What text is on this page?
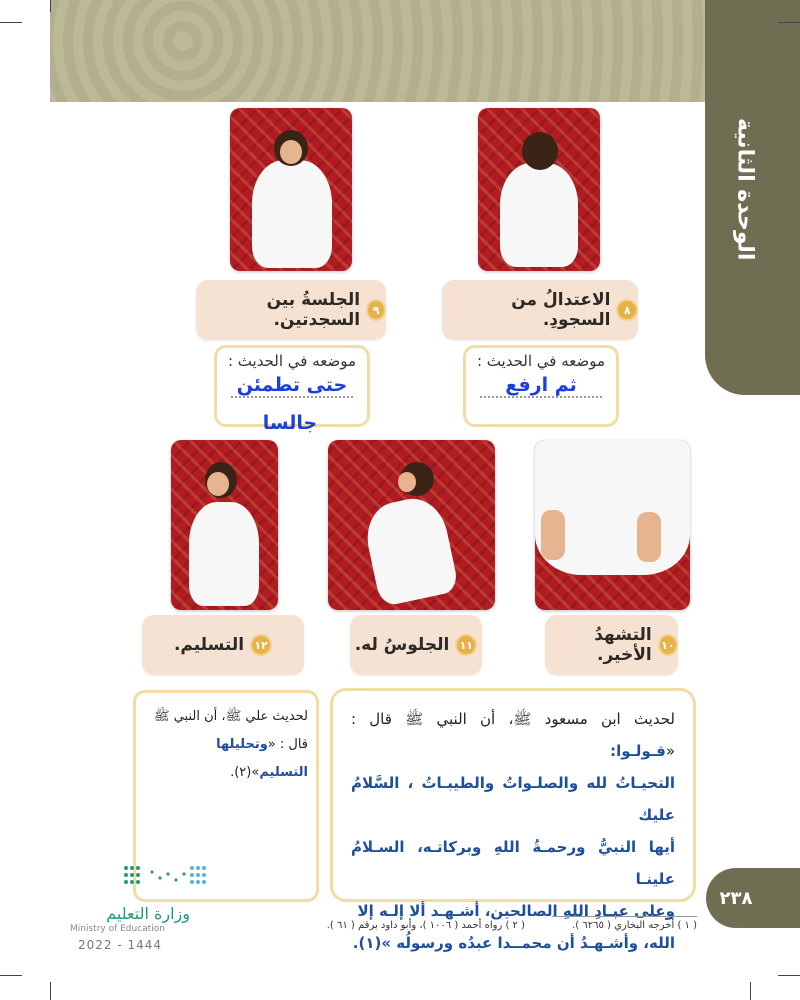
الوحدة الثانية
٩
الجلسةُ بين السجدتين.	٨
الاعتدالُ من السجودِ.
موضعه في الحديث :
حتى تطمئن
جالسا
موضعه في الحديث :
ثم ارفع
١٢
التسليم.	١١
الجلوسُ له.	١٠
التشهدُ الأخير.
لحديث علي ﷺ، أن النبي ﷺ
قال : «وتحليلها التسليم»(٢).
لحديث ابن مسعود ﷺ، أن النبي ﷺ قال : «قـولـوا:
التحيـاتُ لله والصلـواتُ والطيبـاتُ ، السَّلامُ عليك
أيها النبيُّ ورحمـةُ اللهِ وبركاتـه، السـلامُ علينـا
وعلى عبـادِ اللهِ الصالحين، أشـهـد ألا إلـه إلا
الله، وأشـهـدُ أن محمــدا عبدُه ورسولُه »(١).
( ١ ) أخرجه البخاري ( ٦٢٦٥ ).
( ٢ ) رواه أحمد ( ١٠٠٦ )، وأبو داود برقم ( ٦١ ).
٢٣٨
وزارة التعليم
Ministry of Education
2022 - 1444
